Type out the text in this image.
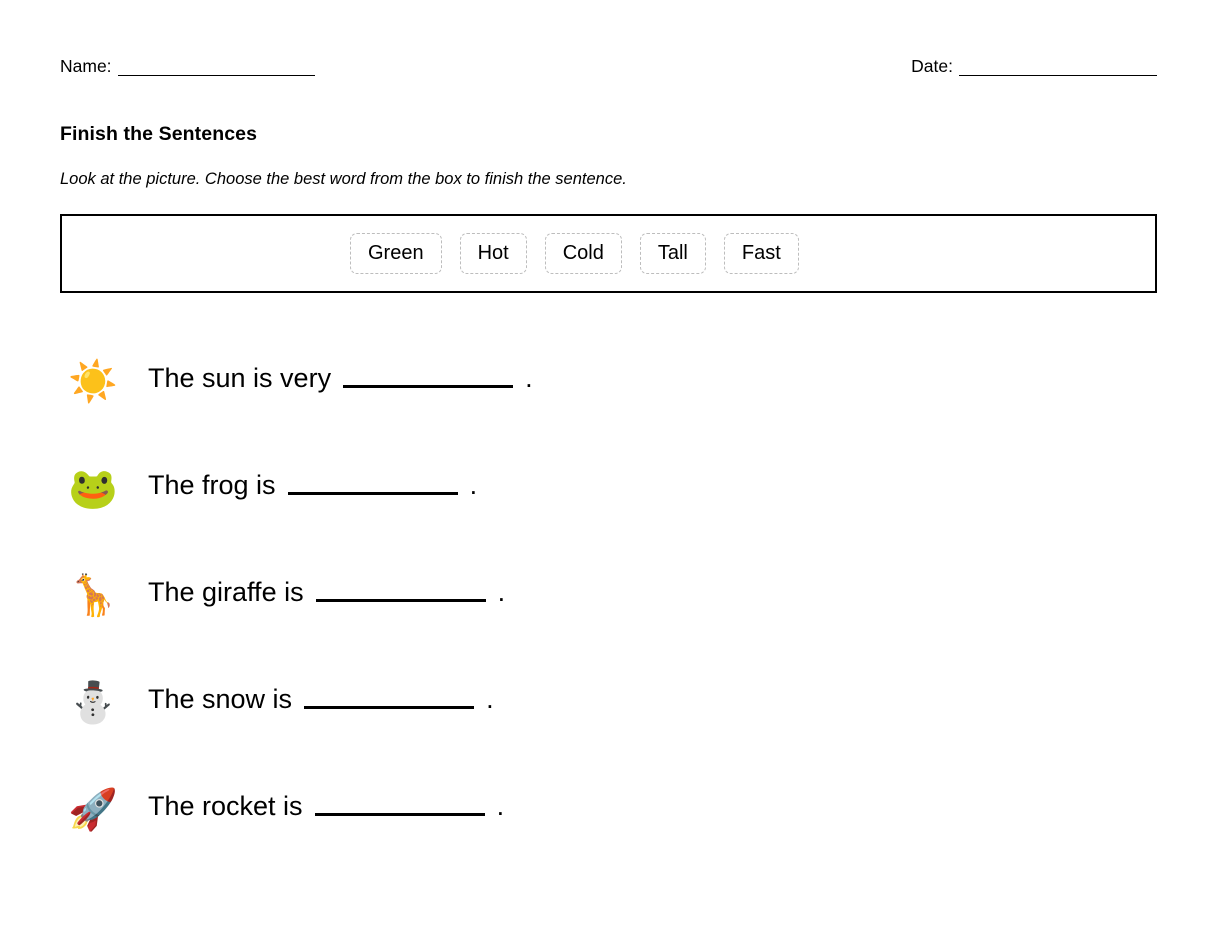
Name:	Date:
Finish the Sentences
Look at the picture. Choose the best word from the box to finish the sentence.
Green	Hot	Cold	Tall	Fast
☀️ The sun is very	.
🐸 The frog is	.
🦒 The giraffe is	.
⛄ The snow is	.
🚀 The rocket is	.
